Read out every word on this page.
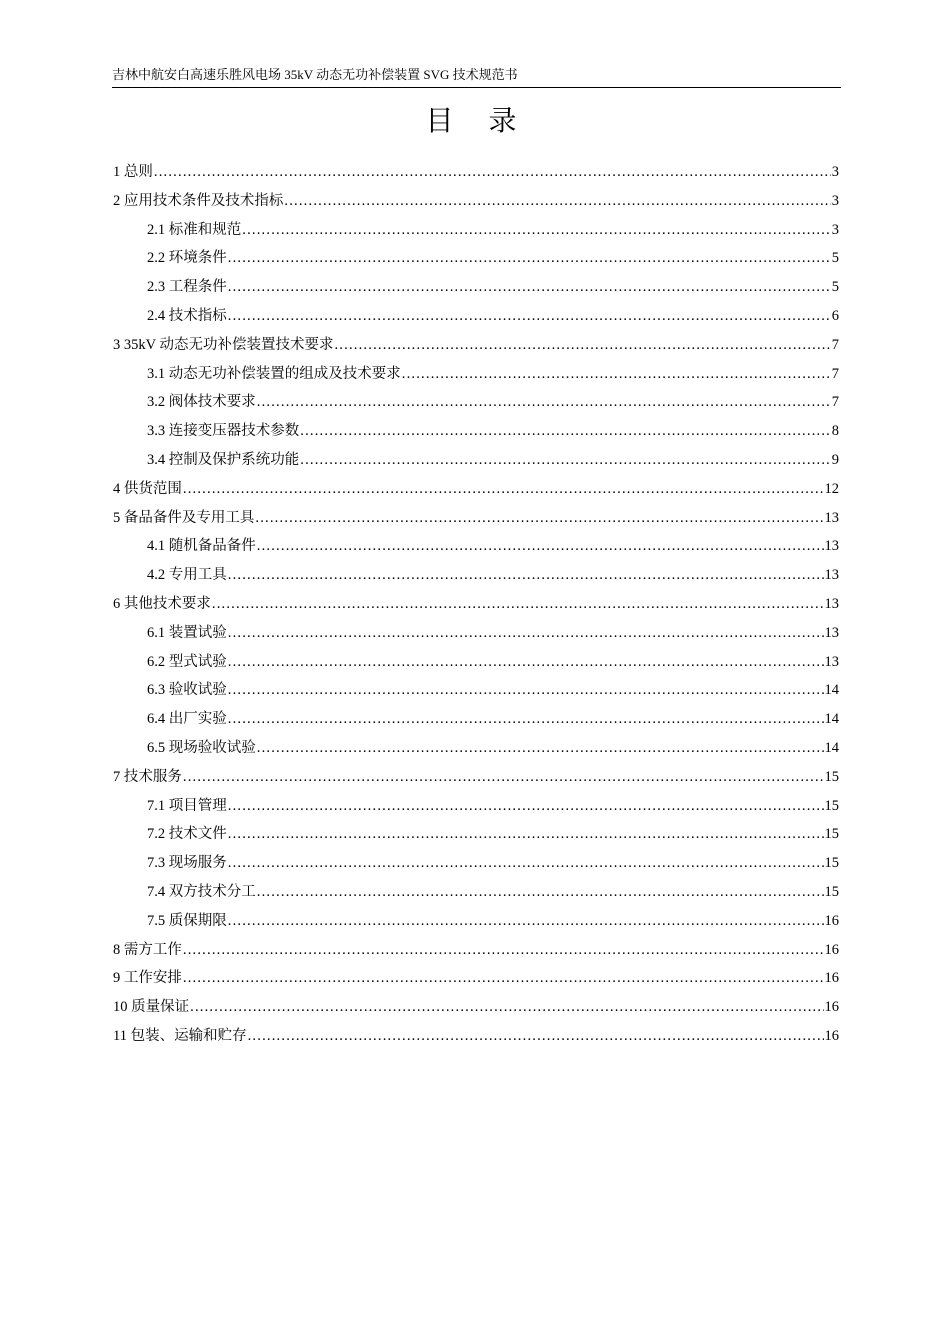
吉林中航安白高速乐胜风电场 35kV 动态无功补偿装置 SVG 技术规范书
目 录
1 总则 .....	3
2 应用技术条件及技术指标 .....	3
2.1 标准和规范 .....	3
2.2 环境条件 .....	5
2.3 工程条件 .....	5
2.4 技术指标 .....	6
3 35kV 动态无功补偿装置技术要求 .....	7
3.1 动态无功补偿装置的组成及技术要求 .....	7
3.2 阀体技术要求 .....	7
3.3 连接变压器技术参数 .....	8
3.4 控制及保护系统功能 .....	9
4 供货范围 .....	12
5 备品备件及专用工具 .....	13
4.1 随机备品备件 .....	13
4.2 专用工具 .....	13
6 其他技术要求 .....	13
6.1 装置试验 .....	13
6.2 型式试验 .....	13
6.3 验收试验 .....	14
6.4 出厂实验 .....	14
6.5 现场验收试验 .....	14
7 技术服务 .....	15
7.1 项目管理 .....	15
7.2 技术文件 .....	15
7.3 现场服务 .....	15
7.4 双方技术分工 .....	15
7.5 质保期限 .....	16
8 需方工作 .....	16
9 工作安排 .....	16
10 质量保证 .....	16
11 包装、运输和贮存 .....	16
